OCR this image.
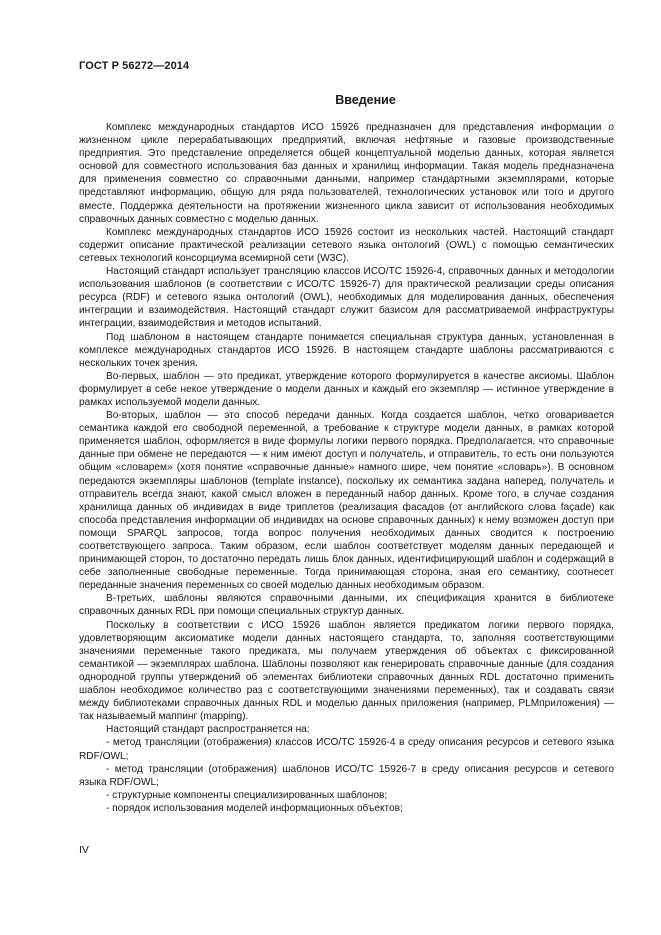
ГОСТ Р 56272—2014
Введение

Комплекс международных стандартов ИСО 15926 предназначен для представления информации о жизненном цикле перерабатывающих предприятий, включая нефтяные и газовые производственные предприятия. Это представление определяется общей концептуальной моделью данных, которая является основой для совместного использования баз данных и хранилищ информации. Такая модель предназначена для применения совместно со справочными данными, например стандартными экземплярами, которые представляют информацию, общую для ряда пользователей, технологических установок или того и другого вместе. Поддержка деятельности на протяжении жизненного цикла зависит от использования необходимых справочных данных совместно с моделью данных.

Комплекс международных стандартов ИСО 15926 состоит из нескольких частей. Настоящий стандарт содержит описание практической реализации сетевого языка онтологий (OWL) с помощью семантических сетевых технологий консорциума всемирной сети (W3C).

Настоящий стандарт использует трансляцию классов ИСО/ТС 15926-4, справочных данных и методологии использования шаблонов (в соответствии с ИСО/ТС 15926-7) для практической реализации среды описания ресурса (RDF) и сетевого языка онтологий (OWL), необходимых для моделирования данных, обеспечения интеграции и взаимодействия. Настоящий стандарт служит базисом для рассматриваемой инфраструктуры интеграции, взаимодействия и методов испытаний.

Под шаблоном в настоящем стандарте понимается специальная структура данных, установленная в комплексе международных стандартов ИСО 15926. В настоящем стандарте шаблоны рассматриваются с нескольких точек зрения.

Во-первых, шаблон — это предикат, утверждение которого формулируется в качестве аксиомы. Шаблон формулирует в себе некое утверждение о модели данных и каждый его экземпляр — истинное утверждение в рамках используемой модели данных.

Во-вторых, шаблон — это способ передачи данных. Когда создается шаблон, четко оговаривается семантика каждой его свободной переменной, а требование к структуре модели данных, в рамках которой применяется шаблон, оформляется в виде формулы логики первого порядка. Предполагается, что справочные данные при обмене не передаются — к ним имеют доступ и получатель, и отправитель, то есть они пользуются общим «словарем» (хотя понятие «справочные данные» намного шире, чем понятие «словарь»). В основном передаются экземпляры шаблонов (template instance), поскольку их семантика задана наперед, получатель и отправитель всегда знают, какой смысл вложен в переданный набор данных. Кроме того, в случае создания хранилища данных об индивидах в виде триплетов (реализация фасадов (от английского слова façade) как способа представления информации об индивидах на основе справочных данных) к нему возможен доступ при помощи SPARQL запросов, тогда вопрос получения необходимых данных сводится к построению соответствующего запроса. Таким образом, если шаблон соответствует моделям данных передающей и принимающей сторон, то достаточно передать лишь блок данных, идентифицирующий шаблон и содержащий в себе заполненные свободные переменные. Тогда принимающая сторона, зная его семантику, соотнесет переданные значения переменных со своей моделью данных необходимым образом.

В-третьих, шаблоны являются справочными данными, их спецификация хранится в библиотеке справочных данных RDL при помощи специальных структур данных.

Поскольку в соответствии с ИСО 15926 шаблон является предикатом логики первого порядка, удовлетворяющим аксиоматике модели данных настоящего стандарта, то, заполняя соответствующими значениями переменные такого предиката, мы получаем утверждения об объектах с фиксированной семантикой — экземплярах шаблона. Шаблоны позволяют как генерировать справочные данные (для создания однородной группы утверждений об элементах библиотеки справочных данных RDL достаточно применить шаблон необходимое количество раз с соответствующими значениями переменных), так и создавать связи между библиотеками справочных данных RDL и моделью данных приложения (например, PLMприложения) — так называемый маппинг (mapping).

Настоящий стандарт распространяется на:

- метод трансляции (отображения) классов ИСО/ТС 15926-4 в среду описания ресурсов и сетевого языка RDF/OWL;

- метод трансляции (отображения) шаблонов ИСО/ТС 15926-7 в среду описания ресурсов и сетевого языка RDF/OWL;

- структурные компоненты специализированных шаблонов;

- порядок использования моделей информационных объектов;

IV
